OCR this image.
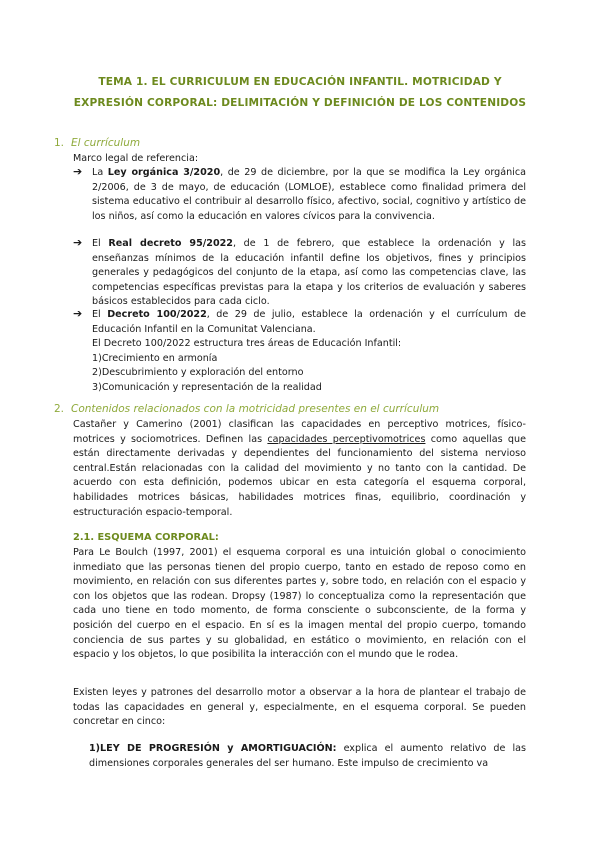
TEMA 1. EL CURRICULUM EN EDUCACIÓN INFANTIL. MOTRICIDAD Y
EXPRESIÓN CORPORAL: DELIMITACIÓN Y DEFINICIÓN DE LOS CONTENIDOS
1. El currículum
Marco legal de referencia:
➔ La Ley orgánica 3/2020, de 29 de diciembre, por la que se modifica la Ley orgánica 2/2006, de 3 de mayo, de educación (LOMLOE), establece como finalidad primera del sistema educativo el contribuir al desarrollo físico, afectivo, social, cognitivo y artístico de los niños, así como la educación en valores cívicos para la convivencia.
➔ El Real decreto 95/2022, de 1 de febrero, que establece la ordenación y las enseñanzas mínimos de la educación infantil define los objetivos, fines y principios generales y pedagógicos del conjunto de la etapa, así como las competencias clave, las competencias específicas previstas para la etapa y los criterios de evaluación y saberes básicos establecidos para cada ciclo.
➔ El Decreto 100/2022, de 29 de julio, establece la ordenación y el currículum de Educación Infantil en la Comunitat Valenciana.
El Decreto 100/2022 estructura tres áreas de Educación Infantil:
1)Crecimiento en armonía
2)Descubrimiento y exploración del entorno
3)Comunicación y representación de la realidad
2. Contenidos relacionados con la motricidad presentes en el currículum
Castañer y Camerino (2001) clasifican las capacidades en perceptivo motrices, físico-motrices y sociomotrices. Definen las capacidades perceptivomotrices como aquellas que están directamente derivadas y dependientes del funcionamiento del sistema nervioso central.Están relacionadas con la calidad del movimiento y no tanto con la cantidad. De acuerdo con esta definición, podemos ubicar en esta categoría el esquema corporal, habilidades motrices básicas, habilidades motrices finas, equilibrio, coordinación y estructuración espacio-temporal.
2.1. ESQUEMA CORPORAL:
Para Le Boulch (1997, 2001) el esquema corporal es una intuición global o conocimiento inmediato que las personas tienen del propio cuerpo, tanto en estado de reposo como en movimiento, en relación con sus diferentes partes y, sobre todo, en relación con el espacio y con los objetos que las rodean. Dropsy (1987) lo conceptualiza como la representación que cada uno tiene en todo momento, de forma consciente o subconsciente, de la forma y posición del cuerpo en el espacio. En sí es la imagen mental del propio cuerpo, tomando conciencia de sus partes y su globalidad, en estático o movimiento, en relación con el espacio y los objetos, lo que posibilita la interacción con el mundo que le rodea.
Existen leyes y patrones del desarrollo motor a observar a la hora de plantear el trabajo de todas las capacidades en general y, especialmente, en el esquema corporal. Se pueden concretar en cinco:
1)LEY DE PROGRESIÓN y AMORTIGUACIÓN: explica el aumento relativo de las dimensiones corporales generales del ser humano. Este impulso de crecimiento va
